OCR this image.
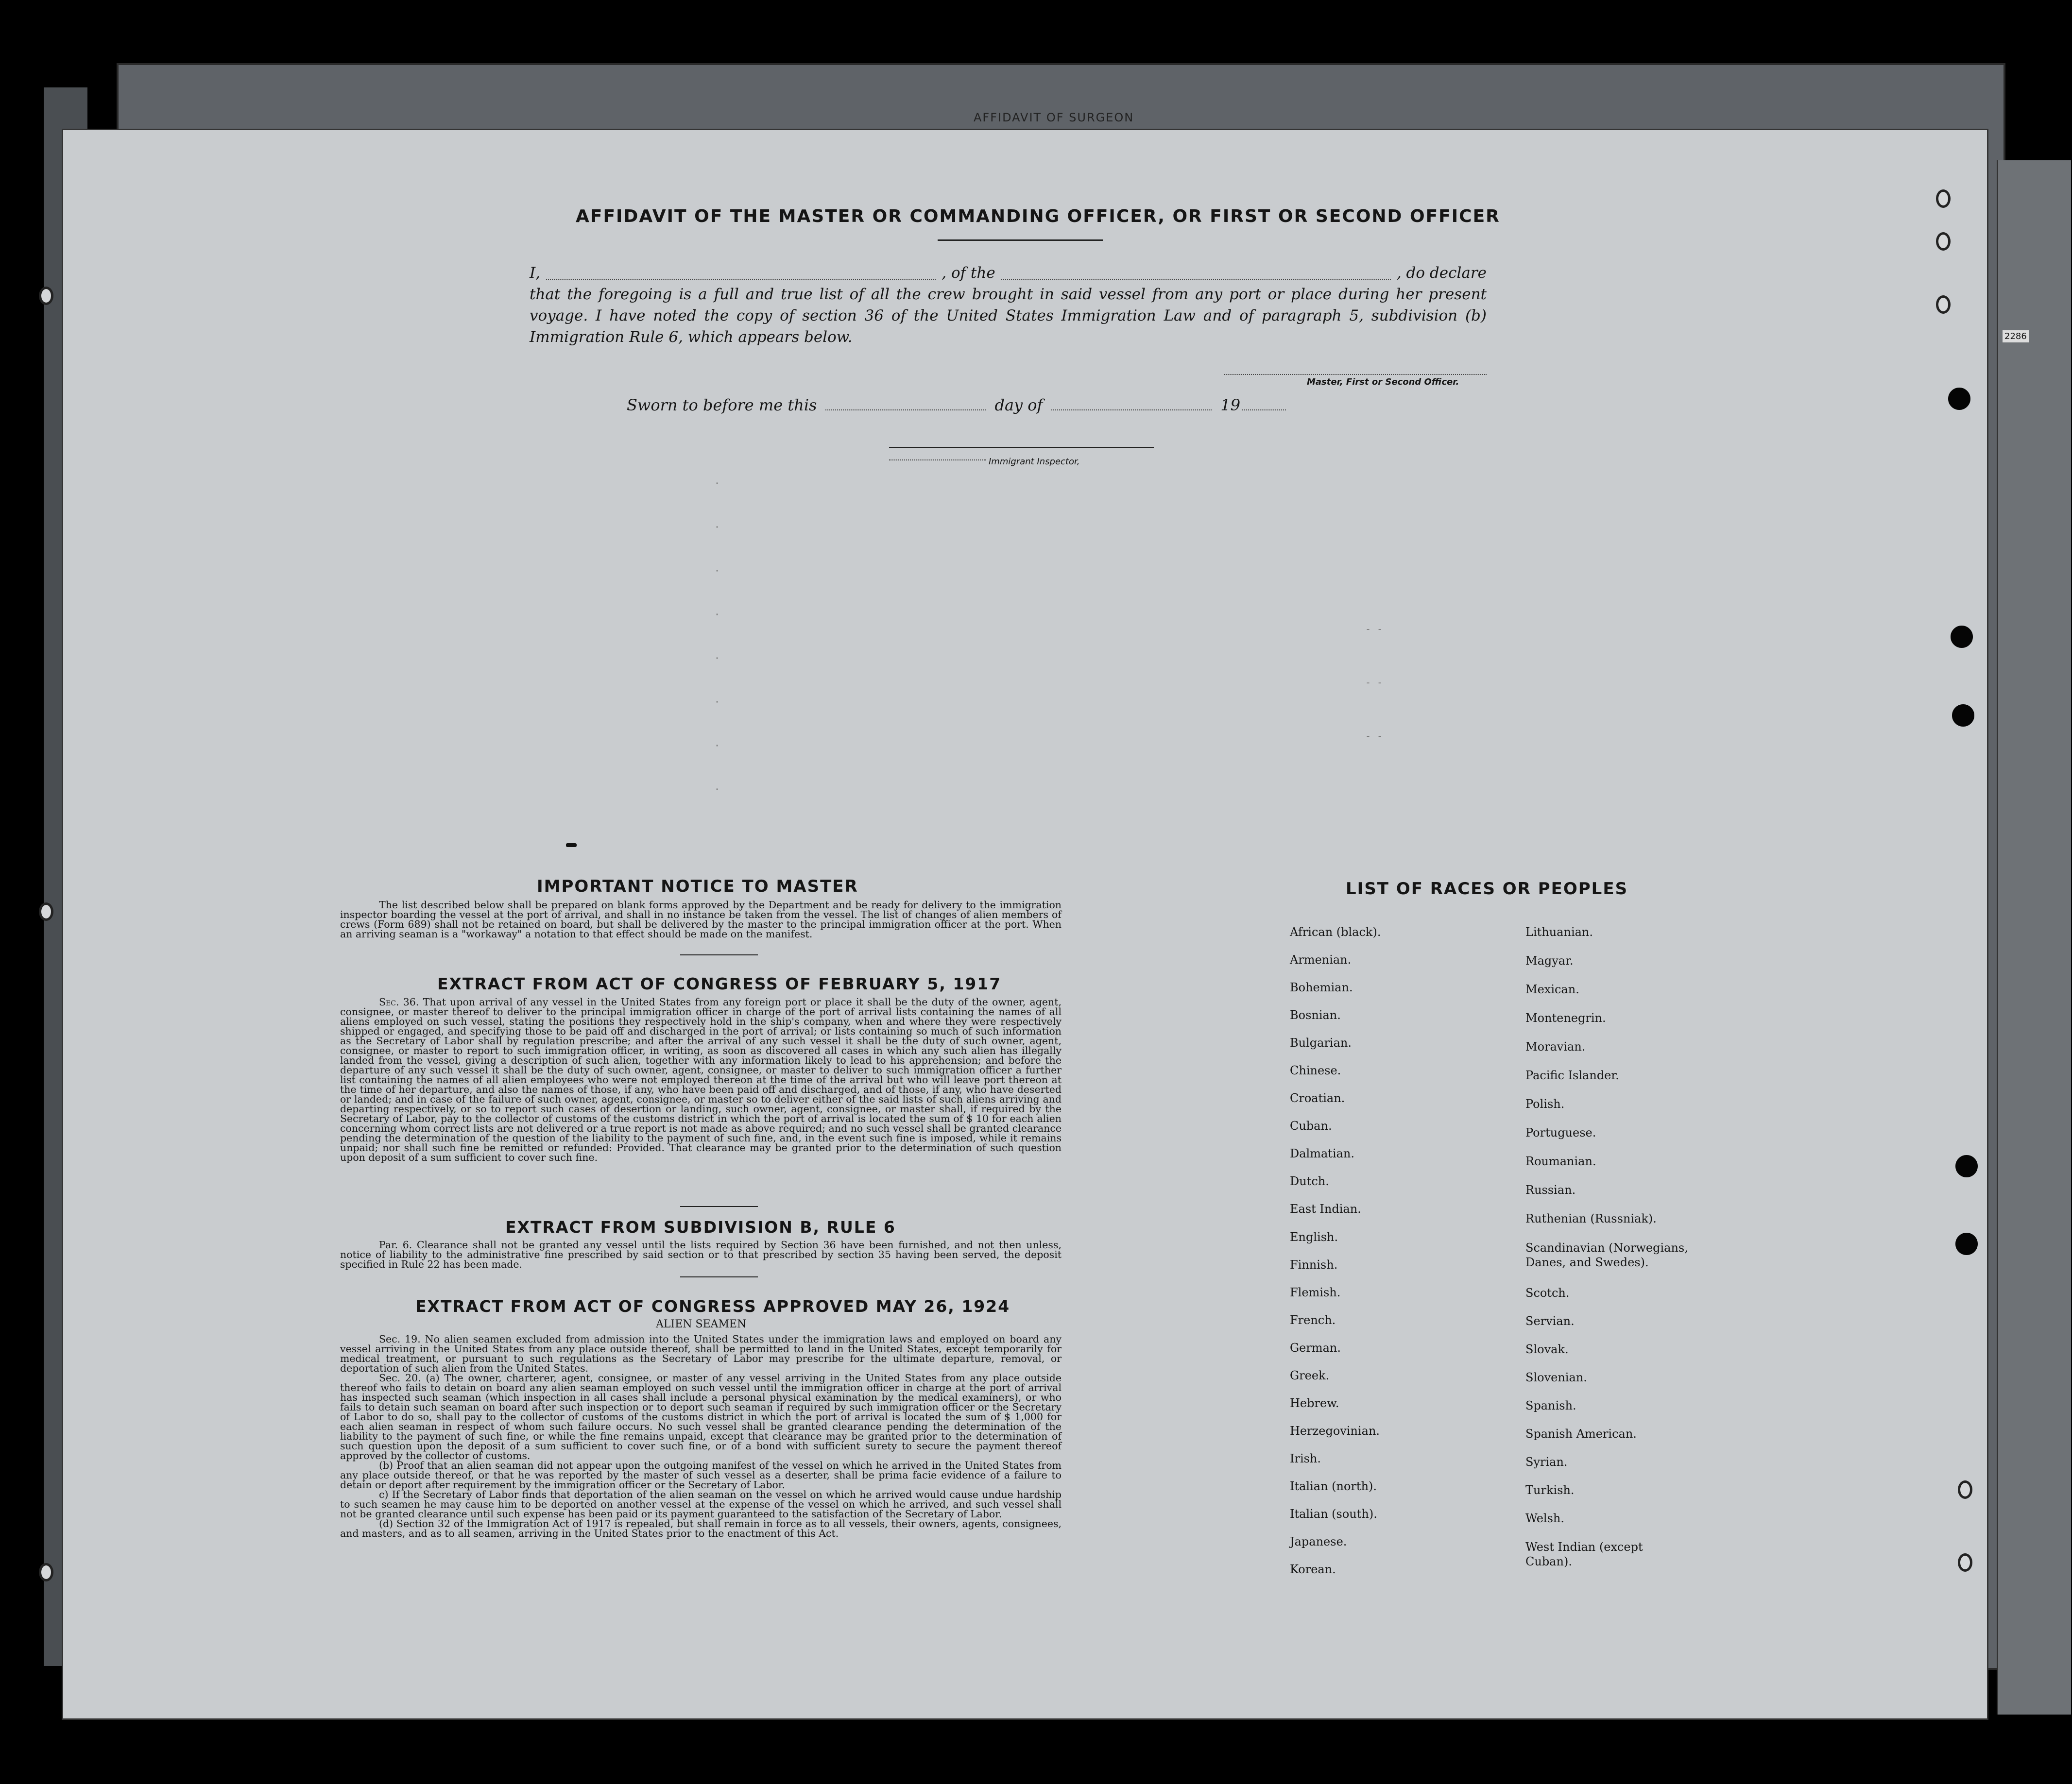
AFFIDAVIT OF SURGEON
2286
AFFIDAVIT OF THE MASTER OR COMMANDING OFFICER, OR FIRST OR SECOND OFFICER
I,	, of the	, do declare
that the foregoing is a full and true list of all the crew brought in said vessel from any port or place during her present voyage. I have noted the copy of section 36 of the United States Immigration Law and of paragraph 5, subdivision (b) Immigration Rule 6, which appears below.
Master, First or Second Officer.
Sworn to before me this	day of	19
Immigrant Inspector,
·
·
·
·
·
·
·
·
- -
- -
- -
IMPORTANT NOTICE TO MASTER
The list described below shall be prepared on blank forms approved by the Department and be ready for delivery to the immigration inspector boarding the vessel at the port of arrival, and shall in no instance be taken from the vessel. The list of changes of alien members of crews (Form 689) shall not be retained on board, but shall be delivered by the master to the principal immigration officer at the port. When an arriving seaman is a "workaway" a notation to that effect should be made on the manifest.
EXTRACT FROM ACT OF CONGRESS OF FEBRUARY 5, 1917
Sec. 36. That upon arrival of any vessel in the United States from any foreign port or place it shall be the duty of the owner, agent, consignee, or master thereof to deliver to the principal immigration officer in charge of the port of arrival lists containing the names of all aliens employed on such vessel, stating the positions they respectively hold in the ship's company, when and where they were respectively shipped or engaged, and specifying those to be paid off and discharged in the port of arrival; or lists containing so much of such information as the Secretary of Labor shall by regulation prescribe; and after the arrival of any such vessel it shall be the duty of such owner, agent, consignee, or master to report to such immigration officer, in writing, as soon as discovered all cases in which any such alien has illegally landed from the vessel, giving a description of such alien, together with any information likely to lead to his apprehension; and before the departure of any such vessel it shall be the duty of such owner, agent, consignee, or master to deliver to such immigration officer a further list containing the names of all alien employees who were not employed thereon at the time of the arrival but who will leave port thereon at the time of her departure, and also the names of those, if any, who have been paid off and discharged, and of those, if any, who have deserted or landed; and in case of the failure of such owner, agent, consignee, or master so to deliver either of the said lists of such aliens arriving and departing respectively, or so to report such cases of desertion or landing, such owner, agent, consignee, or master shall, if required by the Secretary of Labor, pay to the collector of customs of the customs district in which the port of arrival is located the sum of $ 10 for each alien concerning whom correct lists are not delivered or a true report is not made as above required; and no such vessel shall be granted clearance pending the determination of the question of the liability to the payment of such fine, and, in the event such fine is imposed, while it remains unpaid; nor shall such fine be remitted or refunded: Provided. That clearance may be granted prior to the determination of such question upon deposit of a sum sufficient to cover such fine.
EXTRACT FROM SUBDIVISION B, RULE 6
Par. 6. Clearance shall not be granted any vessel until the lists required by Section 36 have been furnished, and not then unless, notice of liability to the administrative fine prescribed by said section or to that prescribed by section 35 having been served, the deposit specified in Rule 22 has been made.
EXTRACT FROM ACT OF CONGRESS APPROVED MAY 26, 1924
ALIEN SEAMEN
Sec. 19. No alien seamen excluded from admission into the United States under the immigration laws and employed on board any vessel arriving in the United States from any place outside thereof, shall be permitted to land in the United States, except temporarily for medical treatment, or pursuant to such regulations as the Secretary of Labor may prescribe for the ultimate departure, removal, or deportation of such alien from the United States.
Sec. 20. (a) The owner, charterer, agent, consignee, or master of any vessel arriving in the United States from any place outside thereof who fails to detain on board any alien seaman employed on such vessel until the immigration officer in charge at the port of arrival has inspected such seaman (which inspection in all cases shall include a personal physical examination by the medical examiners), or who fails to detain such seaman on board after such inspection or to deport such seaman if required by such immigration officer or the Secretary of Labor to do so, shall pay to the collector of customs of the customs district in which the port of arrival is located the sum of $ 1,000 for each alien seaman in respect of whom such failure occurs. No such vessel shall be granted clearance pending the determination of the liability to the payment of such fine, or while the fine remains unpaid, except that clearance may be granted prior to the determination of such question upon the deposit of a sum sufficient to cover such fine, or of a bond with sufficient surety to secure the payment thereof approved by the collector of customs.
(b) Proof that an alien seaman did not appear upon the outgoing manifest of the vessel on which he arrived in the United States from any place outside thereof, or that he was reported by the master of such vessel as a deserter, shall be prima facie evidence of a failure to detain or deport after requirement by the immigration officer or the Secretary of Labor.
c) If the Secretary of Labor finds that deportation of the alien seaman on the vessel on which he arrived would cause undue hardship to such seamen he may cause him to be deported on another vessel at the expense of the vessel on which he arrived, and such vessel shall not be granted clearance until such expense has been paid or its payment guaranteed to the satisfaction of the Secretary of Labor.
(d) Section 32 of the Immigration Act of 1917 is repealed, but shall remain in force as to all vessels, their owners, agents, consignees, and masters, and as to all seamen, arriving in the United States prior to the enactment of this Act.
LIST OF RACES OR PEOPLES
African (black).
Armenian.
Bohemian.
Bosnian.
Bulgarian.
Chinese.
Croatian.
Cuban.
Dalmatian.
Dutch.
East Indian.
English.
Finnish.
Flemish.
French.
German.
Greek.
Hebrew.
Herzegovinian.
Irish.
Italian (north).
Italian (south).
Japanese.
Korean.
Lithuanian.
Magyar.
Mexican.
Montenegrin.
Moravian.
Pacific Islander.
Polish.
Portuguese.
Roumanian.
Russian.
Ruthenian (Russniak).
Scandinavian (Norwegians, Danes, and Swedes).
Scotch.
Servian.
Slovak.
Slovenian.
Spanish.
Spanish American.
Syrian.
Turkish.
Welsh.
West Indian (except Cuban).
